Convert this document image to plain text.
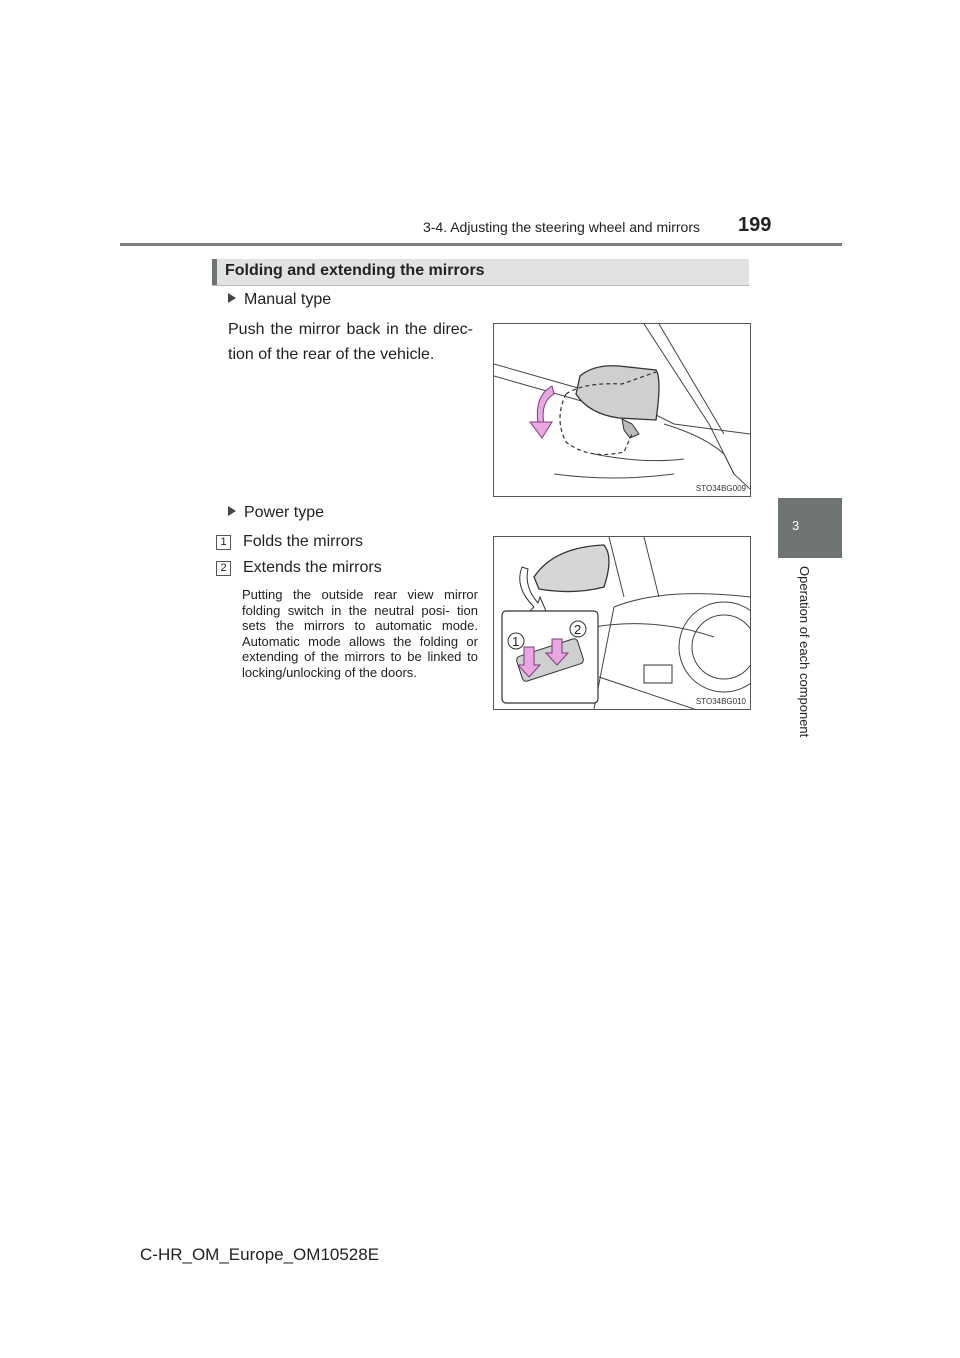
3-4. Adjusting the steering wheel and mirrors 199
3
Operation of each component
Folding and extending the mirrors
Manual type
Push the mirror back in the direc- tion of the rear of the vehicle.
STO34BG009
Power type
1 Folds the mirrors
2 Extends the mirrors
Putting the outside rear view mirror folding switch in the neutral posi- tion sets the mirrors to automatic mode. Automatic mode allows the folding or extending of the mirrors to be linked to locking/unlocking of the doors.
1
2
STO34BG010
C-HR_OM_Europe_OM10528E
